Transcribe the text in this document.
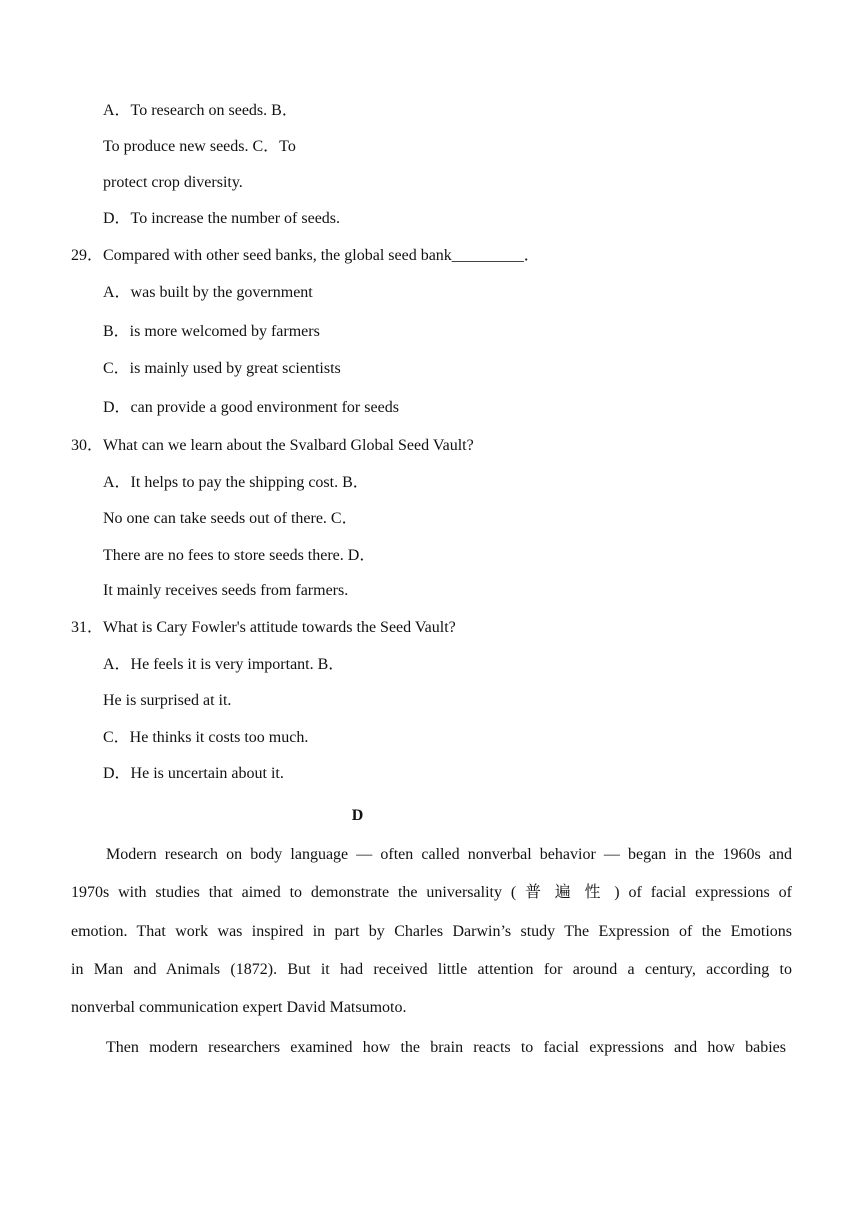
A．To research on seeds. B．

To produce new seeds. C．To

protect crop diversity.

D．To increase the number of seeds.

29．Compared with other seed banks, the global seed bank_________．

A．was built by the government

B．is more welcomed by farmers

C．is mainly used by great scientists

D．can provide a good environment for seeds

30．What can we learn about the Svalbard Global Seed Vault?

A．It helps to pay the shipping cost. B．

No one can take seeds out of there. C．

There are no fees to store seeds there. D．

It mainly receives seeds from farmers.

31．What is Cary Fowler's attitude towards the Seed Vault?

A．He feels it is very important. B．

He is surprised at it.

C．He thinks it costs too much.

D．He is uncertain about it.

D

Modern research on body language — often called nonverbal behavior — began in the 1960s and
1970s with studies that aimed to demonstrate the universality ( 普 遍 性 ) of facial expressions of
emotion. That work was inspired in part by Charles Darwin’s study The Expression of the Emotions
in Man and Animals (1872). But it had received little attention for around a century, according to
nonverbal communication expert David Matsumoto.
Then modern researchers examined how the brain reacts to facial expressions and how babies
